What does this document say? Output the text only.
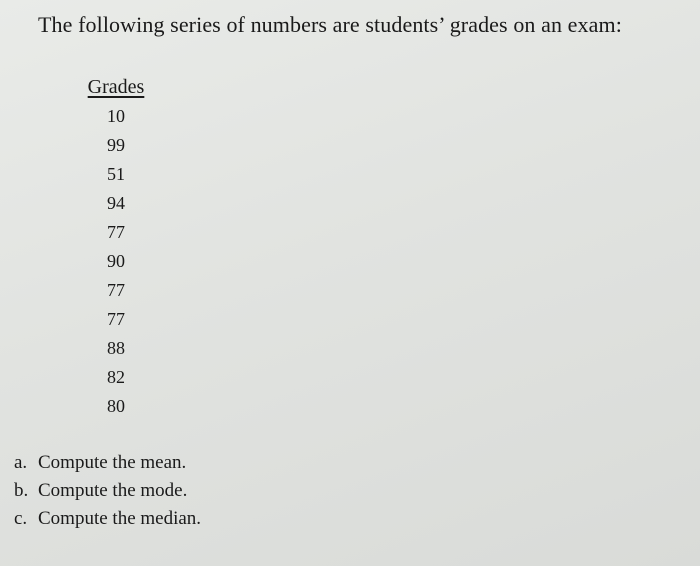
The following series of numbers are students’ grades on an exam:
Grades
10
99
51
94
77
90
77
77
88
82
80
a. Compute the mean.
b. Compute the mode.
c. Compute the median.
